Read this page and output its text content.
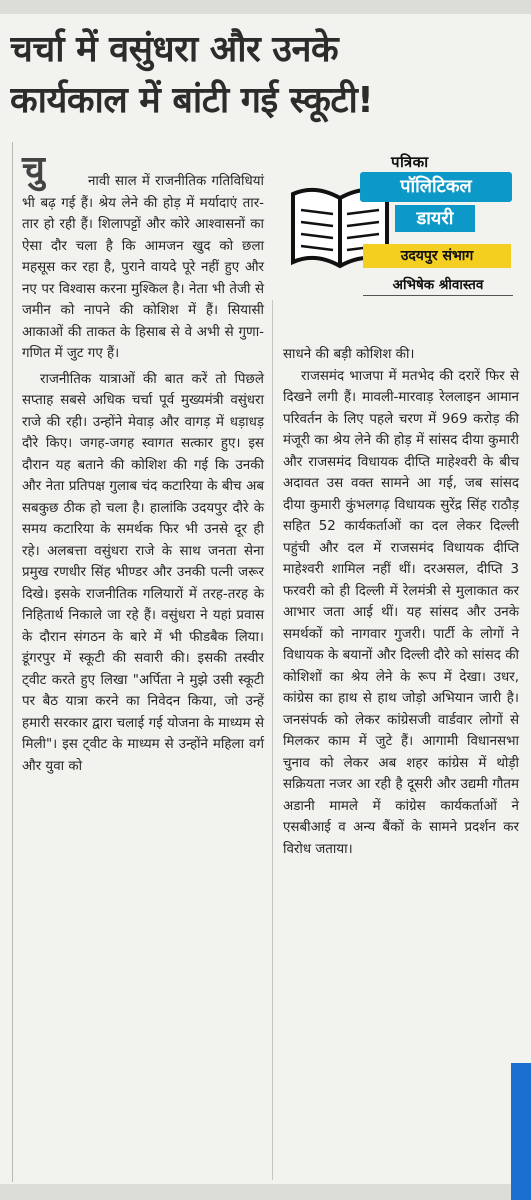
चर्चा में वसुंधरा और उनके
कार्यकाल में बांटी गई स्कूटी!
पत्रिका
पॉलिटिकल
डायरी
उदयपुर संभाग
अभिषेक श्रीवास्तव
चु	नावी साल में राजनीतिक गतिविधियां भी बढ़ गई हैं। श्रेय लेने की होड़ में मर्यादाएं तार-तार हो रही हैं। शिलापट्टों और कोरे आश्वासनों का ऐसा दौर चला है कि आमजन खुद को छला महसूस कर रहा है, पुराने वायदे पूरे नहीं हुए और नए पर विश्वास करना मुश्किल है। नेता भी तेजी से जमीन को नापने की कोशिश में हैं। सियासी आकाओं की ताकत के हिसाब से वे अभी से गुणा-गणित में जुट गए हैं।

राजनीतिक यात्राओं की बात करें तो पिछले सप्ताह सबसे अधिक चर्चा पूर्व मुख्यमंत्री वसुंधरा राजे की रही। उन्होंने मेवाड़ और वागड़ में धड़ाधड़ दौरे किए। जगह-जगह स्वागत सत्कार हुए। इस दौरान यह बताने की कोशिश की गई कि उनकी और नेता प्रतिपक्ष गुलाब चंद कटारिया के बीच अब सबकुछ ठीक हो चला है। हालांकि उदयपुर दौरे के समय कटारिया के समर्थक फिर भी उनसे दूर ही रहे। अलबत्ता वसुंधरा राजे के साथ जनता सेना प्रमुख रणधीर सिंह भीण्डर और उनकी पत्नी जरूर दिखे। इसके राजनीतिक गलियारों में तरह-तरह के निहितार्थ निकाले जा रहे हैं। वसुंधरा ने यहां प्रवास के दौरान संगठन के बारे में भी फीडबैक लिया। डूंगरपुर में स्कूटी की सवारी की। इसकी तस्वीर ट्वीट करते हुए लिखा "अर्पिता ने मुझे उसी स्कूटी पर बैठ यात्रा करने का निवेदन किया, जो उन्हें हमारी सरकार द्वारा चलाई गई योजना के माध्यम से मिली"। इस ट्वीट के माध्यम से उन्होंने महिला वर्ग और युवा को

साधने की बड़ी कोशिश की।

राजसमंद भाजपा में मतभेद की दरारें फिर से दिखने लगी हैं। मावली-मारवाड़ रेललाइन आमान परिवर्तन के लिए पहले चरण में 969 करोड़ की मंजूरी का श्रेय लेने की होड़ में सांसद दीया कुमारी और राजसमंद विधायक दीप्ति माहेश्वरी के बीच अदावत उस वक्त सामने आ गई, जब सांसद दीया कुमारी कुंभलगढ़ विधायक सुरेंद्र सिंह राठौड़ सहित 52 कार्यकर्ताओं का दल लेकर दिल्ली पहुंची और दल में राजसमंद विधायक दीप्ति माहेश्वरी शामिल नहीं थीं। दरअसल, दीप्ति 3 फरवरी को ही दिल्ली में रेलमंत्री से मुलाकात कर आभार जता आई थीं। यह सांसद और उनके समर्थकों को नागवार गुजरी। पार्टी के लोगों ने विधायक के बयानों और दिल्ली दौरे को सांसद की कोशिशों का श्रेय लेने के रूप में देखा। उधर, कांग्रेस का हाथ से हाथ जोड़ो अभियान जारी है। जनसंपर्क को लेकर कांग्रेसजी वार्डवार लोगों से मिलकर काम में जुटे हैं। आगामी विधानसभा चुनाव को लेकर अब शहर कांग्रेस में थोड़ी सक्रियता नजर आ रही है दूसरी और उद्यमी गौतम अडानी मामले में कांग्रेस कार्यकर्ताओं ने एसबीआई व अन्य बैंकों के सामने प्रदर्शन कर विरोध जताया।
